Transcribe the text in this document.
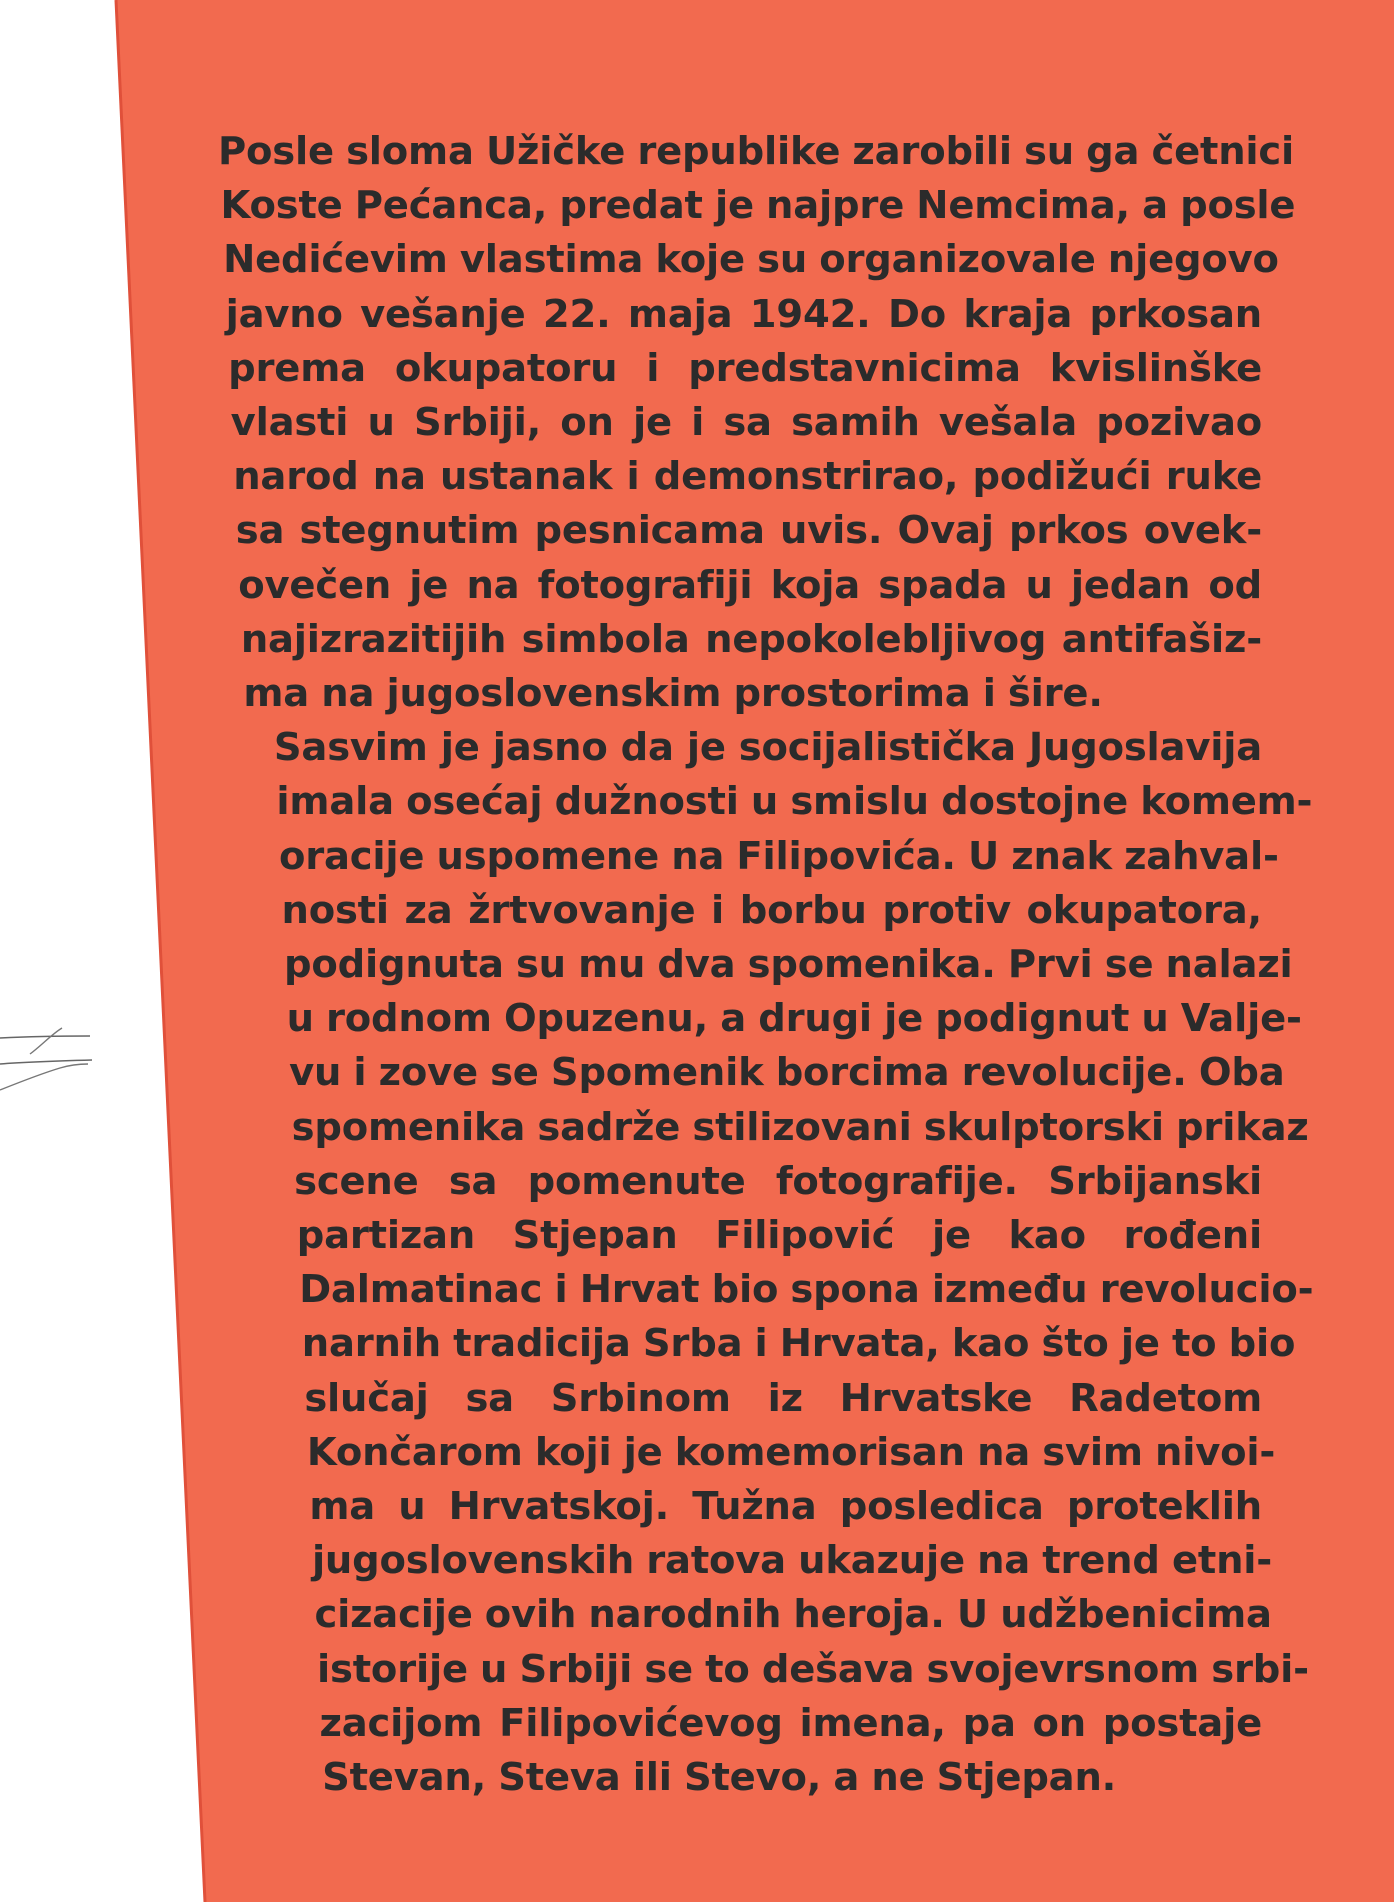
Posle sloma Užičke republike zarobili su ga četnici
Koste Pećanca, predat je najpre Nemcima, a posle
Nedićevim vlastima koje su organizovale njegovo
javno vešanje 22. maja 1942. Do kraja prkosan
prema okupatoru i predstavnicima kvislinške
vlasti u Srbiji, on je i sa samih vešala pozivao
narod na ustanak i demonstrirao, podižući ruke
sa stegnutim pesnicama uvis. Ovaj prkos ovek-
ovečen je na fotografiji koja spada u jedan od
najizrazitijih simbola nepokolebljivog antifašiz-
ma na jugoslovenskim prostorima i šire.
Sasvim je jasno da je socijalistička Jugoslavija
imala osećaj dužnosti u smislu dostojne komem-
oracije uspomene na Filipovića. U znak zahval-
nosti za žrtvovanje i borbu protiv okupatora,
podignuta su mu dva spomenika. Prvi se nalazi
u rodnom Opuzenu, a drugi je podignut u Valje-
vu i zove se Spomenik borcima revolucije. Oba
spomenika sadrže stilizovani skulptorski prikaz
scene sa pomenute fotografije. Srbijanski
partizan Stjepan Filipović je kao rođeni
Dalmatinac i Hrvat bio spona između revolucio-
narnih tradicija Srba i Hrvata, kao što je to bio
slučaj sa Srbinom iz Hrvatske Radetom
Končarom koji je komemorisan na svim nivoi-
ma u Hrvatskoj. Tužna posledica proteklih
jugoslovenskih ratova ukazuje na trend etni-
cizacije ovih narodnih heroja. U udžbenicima
istorije u Srbiji se to dešava svojevrsnom srbi-
zacijom Filipovićevog imena, pa on postaje
Stevan, Steva ili Stevo, a ne Stjepan.
